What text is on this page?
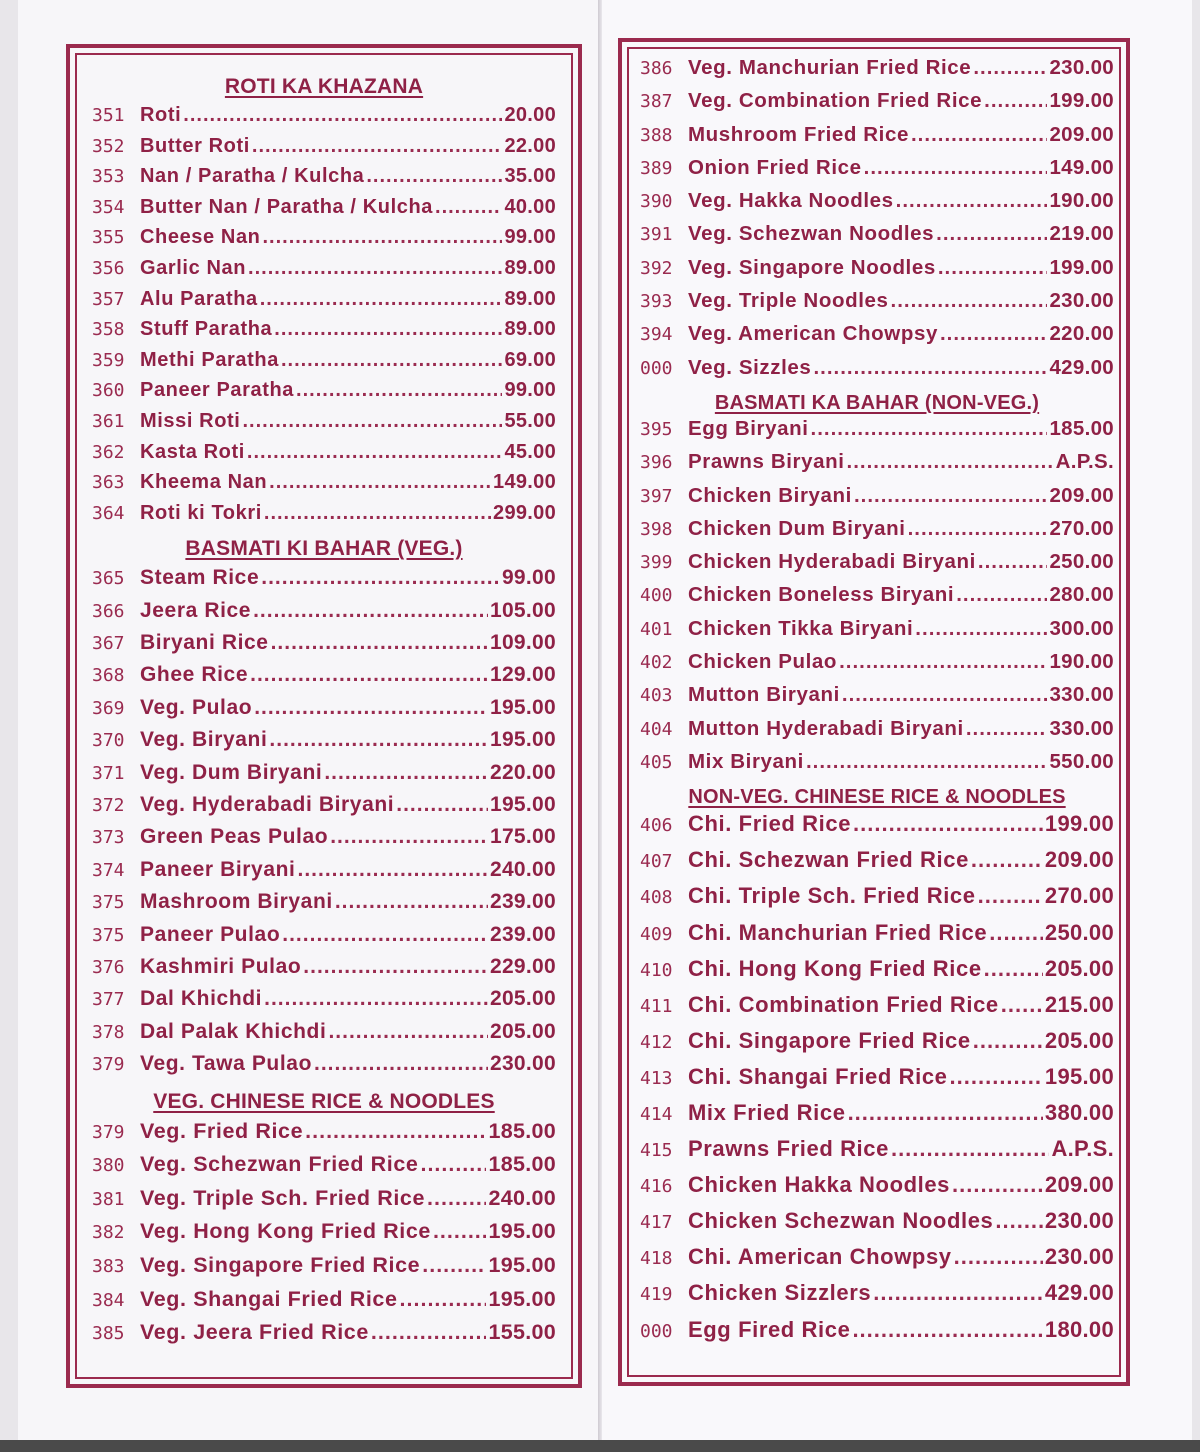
ROTI KA KHAZANA
351 Roti .....	20.00
352 Butter Roti .....	22.00
353 Nan / Paratha / Kulcha .....	35.00
354 Butter Nan / Paratha / Kulcha .....	40.00
355 Cheese Nan .....	99.00
356 Garlic Nan .....	89.00
357 Alu Paratha .....	89.00
358 Stuff Paratha .....	89.00
359 Methi Paratha .....	69.00
360 Paneer Paratha .....	99.00
361 Missi Roti .....	55.00
362 Kasta Roti .....	45.00
363 Kheema Nan .....	149.00
364 Roti ki Tokri .....	299.00
BASMATI KI BAHAR (VEG.)
365 Steam Rice .....	99.00
366 Jeera Rice .....	105.00
367 Biryani Rice .....	109.00
368 Ghee Rice .....	129.00
369 Veg. Pulao .....	195.00
370 Veg. Biryani .....	195.00
371 Veg. Dum Biryani .....	220.00
372 Veg. Hyderabadi Biryani .....	195.00
373 Green Peas Pulao .....	175.00
374 Paneer Biryani .....	240.00
375 Mashroom Biryani .....	239.00
375 Paneer Pulao .....	239.00
376 Kashmiri Pulao .....	229.00
377 Dal Khichdi .....	205.00
378 Dal Palak Khichdi .....	205.00
379 Veg. Tawa Pulao .....	230.00
VEG. CHINESE RICE & NOODLES
379 Veg. Fried Rice .....	185.00
380 Veg. Schezwan Fried Rice .....	185.00
381 Veg. Triple Sch. Fried Rice .....	240.00
382 Veg. Hong Kong Fried Rice .....	195.00
383 Veg. Singapore Fried Rice .....	195.00
384 Veg. Shangai Fried Rice .....	195.00
385 Veg. Jeera Fried Rice .....	155.00
386 Veg. Manchurian Fried Rice .....	230.00
387 Veg. Combination Fried Rice .....	199.00
388 Mushroom Fried Rice .....	209.00
389 Onion Fried Rice .....	149.00
390 Veg. Hakka Noodles .....	190.00
391 Veg. Schezwan Noodles .....	219.00
392 Veg. Singapore Noodles .....	199.00
393 Veg. Triple Noodles .....	230.00
394 Veg. American Chowpsy .....	220.00
000 Veg. Sizzles .....	429.00
BASMATI KA BAHAR (NON-VEG.)
395 Egg Biryani .....	185.00
396 Prawns Biryani .....	A.P.S.
397 Chicken Biryani .....	209.00
398 Chicken Dum Biryani .....	270.00
399 Chicken Hyderabadi Biryani .....	250.00
400 Chicken Boneless Biryani .....	280.00
401 Chicken Tikka Biryani .....	300.00
402 Chicken Pulao .....	190.00
403 Mutton Biryani .....	330.00
404 Mutton Hyderabadi Biryani .....	330.00
405 Mix Biryani .....	550.00
NON-VEG. CHINESE RICE & NOODLES
406 Chi. Fried Rice .....	199.00
407 Chi. Schezwan Fried Rice .....	209.00
408 Chi. Triple Sch. Fried Rice .....	270.00
409 Chi. Manchurian Fried Rice .....	250.00
410 Chi. Hong Kong Fried Rice .....	205.00
411 Chi. Combination Fried Rice ..... 215.00
412 Chi. Singapore Fried Rice .....	205.00
413 Chi. Shangai Fried Rice .....	195.00
414 Mix Fried Rice .....	380.00
415 Prawns Fried Rice .....	A.P.S.
416 Chicken Hakka Noodles .....	209.00
417 Chicken Schezwan Noodles ..... 230.00
418 Chi. American Chowpsy .....	230.00
419 Chicken Sizzlers .....	429.00
000 Egg Fired Rice .....	180.00
